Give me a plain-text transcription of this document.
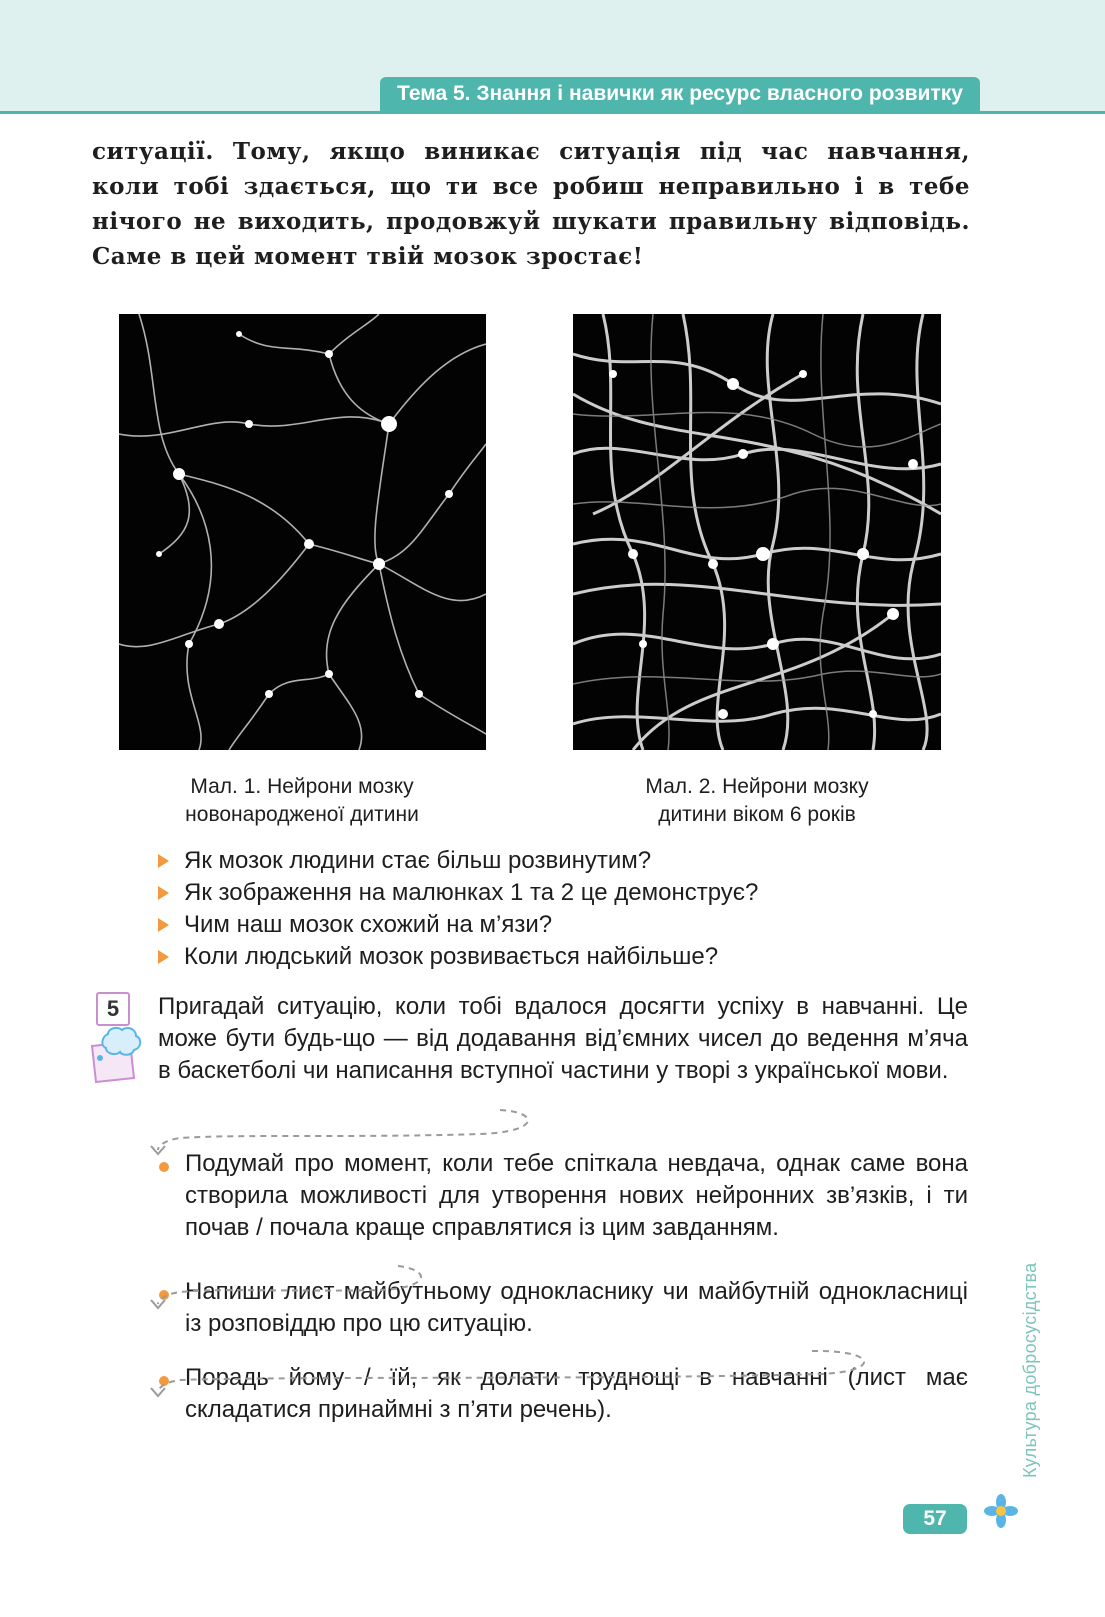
Тема 5. Знання і навички як ресурс власного розвитку
ситуації. Тому, якщо виникає ситуація під час навчання, коли тобі здається, що ти все робиш неправильно і в тебе нічого не виходить, продовжуй шукати правильну відповідь. Саме в цей момент твій мозок зростає!
Мал. 1. Нейрони мозку
новонародженої дитини
Мал. 2. Нейрони мозку
дитини віком 6 років
Як мозок людини стає більш розвинутим?
Як зображення на малюнках 1 та 2 це демонструє?
Чим наш мозок схожий на м’язи?
Коли людський мозок розвивається найбільше?
5	Пригадай ситуацію, коли тобі вдалося досягти успіху в навчанні. Це може бути будь-що — від додавання від’ємних чисел до ведення м’яча в баскетболі чи написання вступної частини у творі з української мови.
Подумай про момент, коли тебе спіткала невдача, однак саме вона створила можливості для утворення нових нейронних зв’язків, і ти почав / почала краще справлятися із цим завданням.
Напиши лист майбутньому однокласнику чи майбутній однокласниці із розповіддю про цю ситуацію.
Порадь йому / їй, як долати труднощі в навчанні (лист має складатися принаймні з п’яти речень).	Культура добросусідства
57
